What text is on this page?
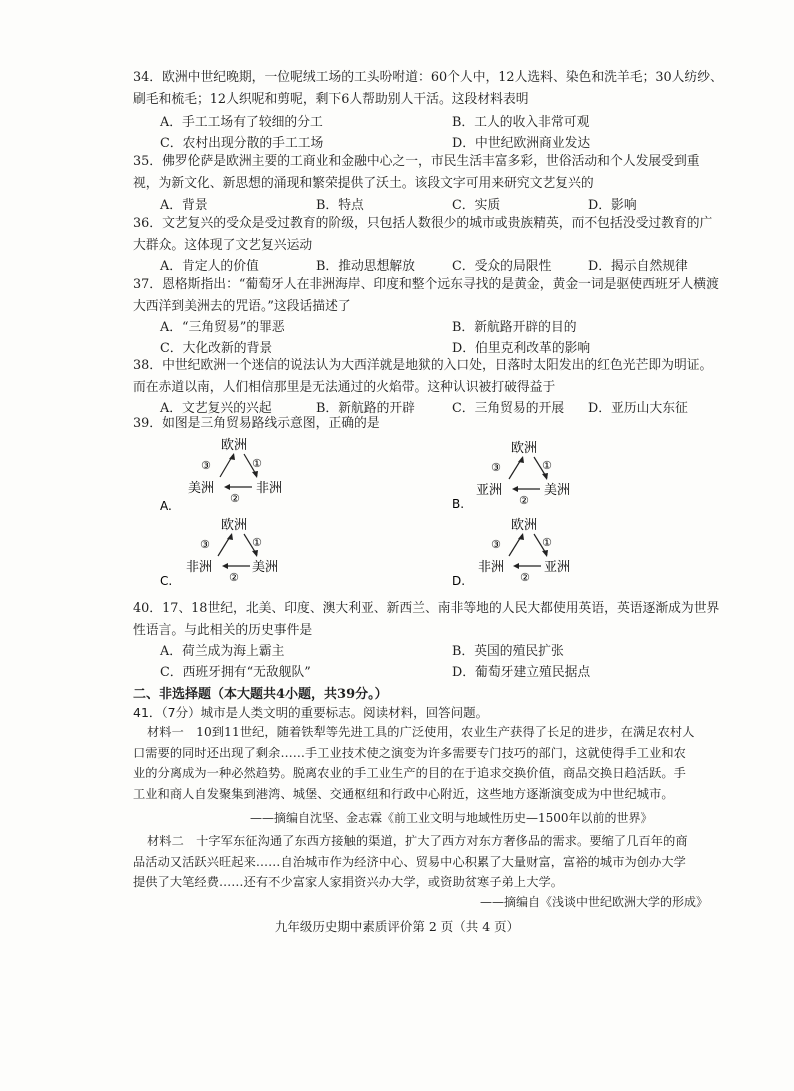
34．欧洲中世纪晚期，一位呢绒工场的工头吩咐道：60个人中，12人选料、染色和洗羊毛；30人纺纱、刷毛和梳毛；12人织呢和剪呢，剩下6人帮助别人干活。这段材料表明
A．手工工场有了较细的分工	B．工人的收入非常可观
C．农村出现分散的手工工场	D．中世纪欧洲商业发达
35．佛罗伦萨是欧洲主要的工商业和金融中心之一，市民生活丰富多彩，世俗活动和个人发展受到重视，为新文化、新思想的涌现和繁荣提供了沃土。该段文字可用来研究文艺复兴的
A．背景	B．特点	C．实质	D．影响
36．文艺复兴的受众是受过教育的阶级，只包括人数很少的城市或贵族精英，而不包括没受过教育的广大群众。这体现了文艺复兴运动
A．肯定人的价值	B．推动思想解放	C．受众的局限性	D．揭示自然规律
37．恩格斯指出：“葡萄牙人在非洲海岸、印度和整个远东寻找的是黄金，黄金一词是驱使西班牙人横渡大西洋到美洲去的咒语。”这段话描述了
A．“三角贸易”的罪恶	B．新航路开辟的目的
C．大化改新的背景	D．伯里克利改革的影响
38．中世纪欧洲一个迷信的说法认为大西洋就是地狱的入口处，日落时太阳发出的红色光芒即为明证。而在赤道以南，人们相信那里是无法通过的火焰带。这种认识被打破得益于
A．文艺复兴的兴起	B．新航路的开辟	C．三角贸易的开展 D．亚历山大东征
39．如图是三角贸易路线示意图，正确的是
A.
欧洲
美洲	非洲
①
②
③
B.
欧洲
亚洲	美洲
①
②
③
C.
欧洲
非洲	美洲
①
②
③
D.
欧洲
非洲	亚洲
①
②
③
40．17、18世纪，北美、印度、澳大利亚、新西兰、南非等地的人民大都使用英语，英语逐渐成为世界性语言。与此相关的历史事件是
A．荷兰成为海上霸主	B．英国的殖民扩张
C．西班牙拥有“无敌舰队”	D．葡萄牙建立殖民据点
二、非选择题（本大题共4小题，共39分。）
41．（7分）城市是人类文明的重要标志。阅读材料，回答问题。
材料一　10到11世纪，随着铁犁等先进工具的广泛使用，农业生产获得了长足的进步，在满足农村人口需要的同时还出现了剩余……手工业技术使之演变为许多需要专门技巧的部门，这就使得手工业和农业的分离成为一种必然趋势。脱离农业的手工业生产的目的在于追求交换价值，商品交换日趋活跃。手工业和商人自发聚集到港湾、城堡、交通枢纽和行政中心附近，这些地方逐渐演变成为中世纪城市。
——摘编自沈坚、金志霖《前工业文明与地域性历史—1500年以前的世界》
材料二　十字军东征沟通了东西方接触的渠道，扩大了西方对东方奢侈品的需求。要缩了几百年的商品活动又活跃兴旺起来……自治城市作为经济中心、贸易中心积累了大量财富，富裕的城市为创办大学提供了大笔经费……还有不少富家人家捐资兴办大学，或资助贫寒子弟上大学。
——摘编自《浅谈中世纪欧洲大学的形成》
九年级历史期中素质评价第 2 页（共 4 页）
